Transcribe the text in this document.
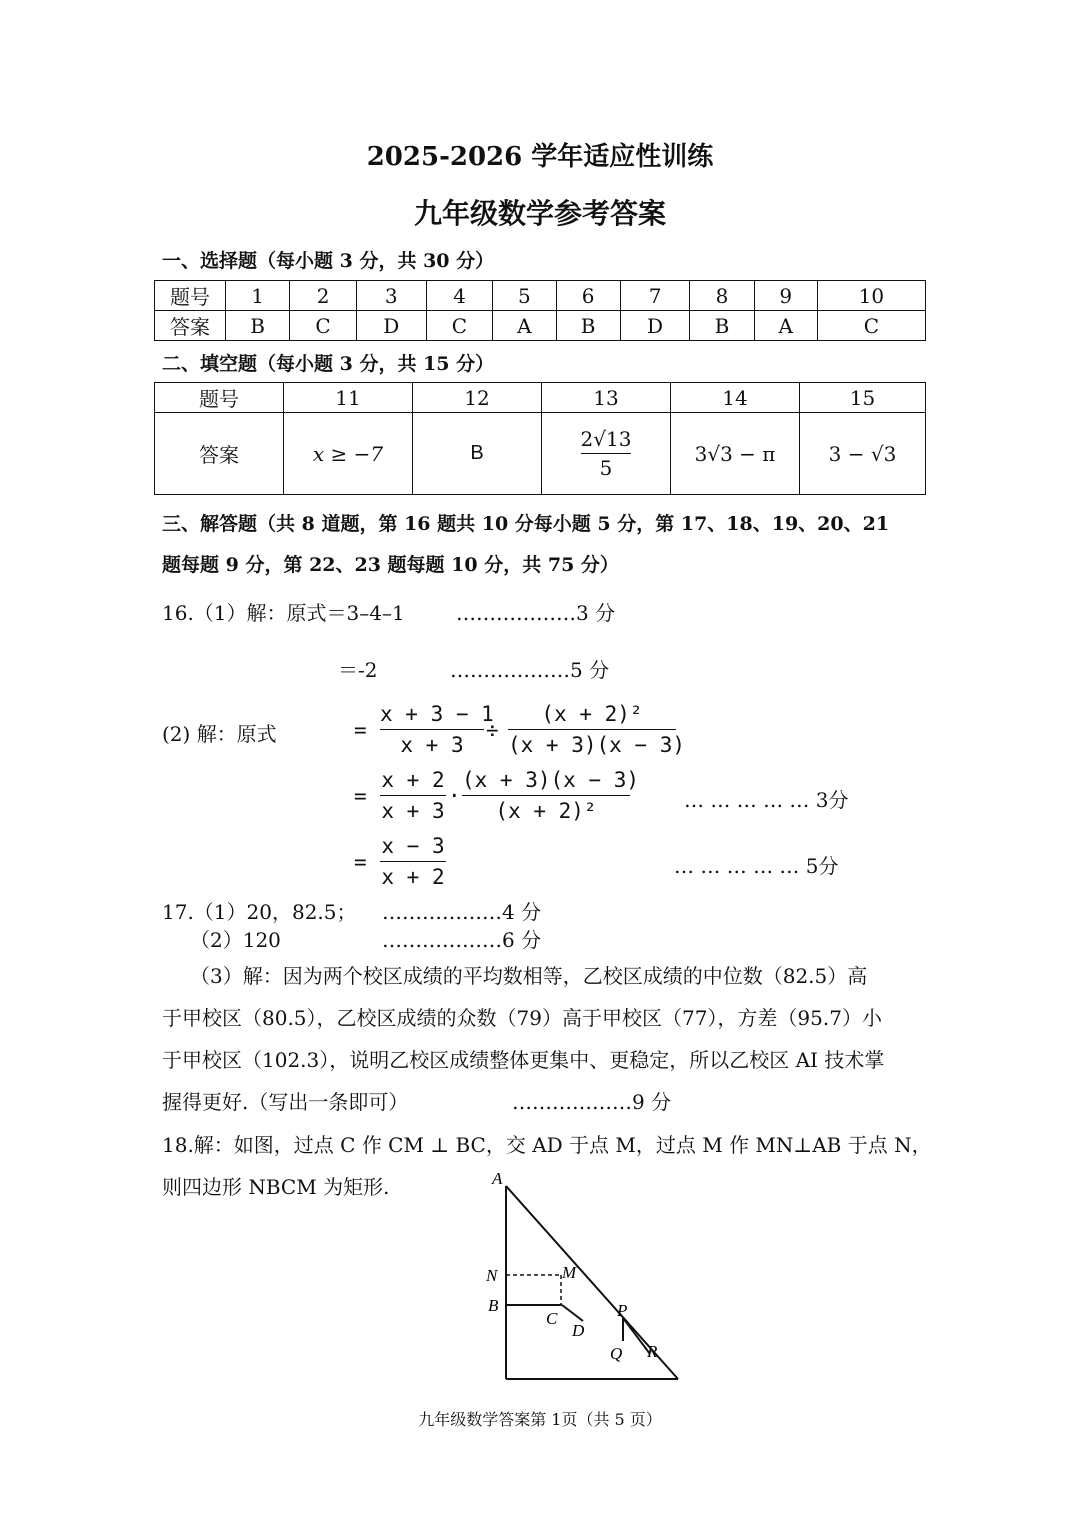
2025-2026 学年适应性训练
九年级数学参考答案
一、选择题（每小题 3 分，共 30 分）
题号	1	2	3	4	5	6	7	8	9	10
答案	B	C	D	C	A	B	D	B	A	C
二、填空题（每小题 3 分，共 15 分）
题号	11	12	13	14	15
答案	x ≥ −7	B	$\frac{2√13}{5}$	3√3 − π	3 − √3
三、解答题（共 8 道题，第 16 题共 10 分每小题 5 分，第 17、18、19、20、21
题每题 9 分，第 22、23 题每题 10 分，共 75 分）
16.（1）解：原式＝3–4–1	………………3 分
＝-2	………………5 分
(2) 解：原式	=
x + 3 − 1
x + 3
÷
(x + 2)²
(x + 3)(x − 3)
=
x + 2
x + 3
·
(x + 3)(x − 3)
(x + 2)²	… … … … … 3分
=
x − 3
x + 2	… … … … … 5分
17.（1）20，82.5； ………………4 分
（2）120	………………6 分
（3）解：因为两个校区成绩的平均数相等，乙校区成绩的中位数（82.5）高
于甲校区（80.5），乙校区成绩的众数（79）高于甲校区（77），方差（95.7）小
于甲校区（102.3），说明乙校区成绩整体更集中、更稳定，所以乙校区 AI 技术掌
握得更好.（写出一条即可）	………………9 分
18.解：如图，过点 C 作 CM ⊥ BC，交 AD 于点 M，过点 M 作 MN⊥AB 于点 N，
则四边形 NBCM 为矩形.	A
N	M
B
C
D
P
Q R
九年级数学答案第 1页（共 5 页）
